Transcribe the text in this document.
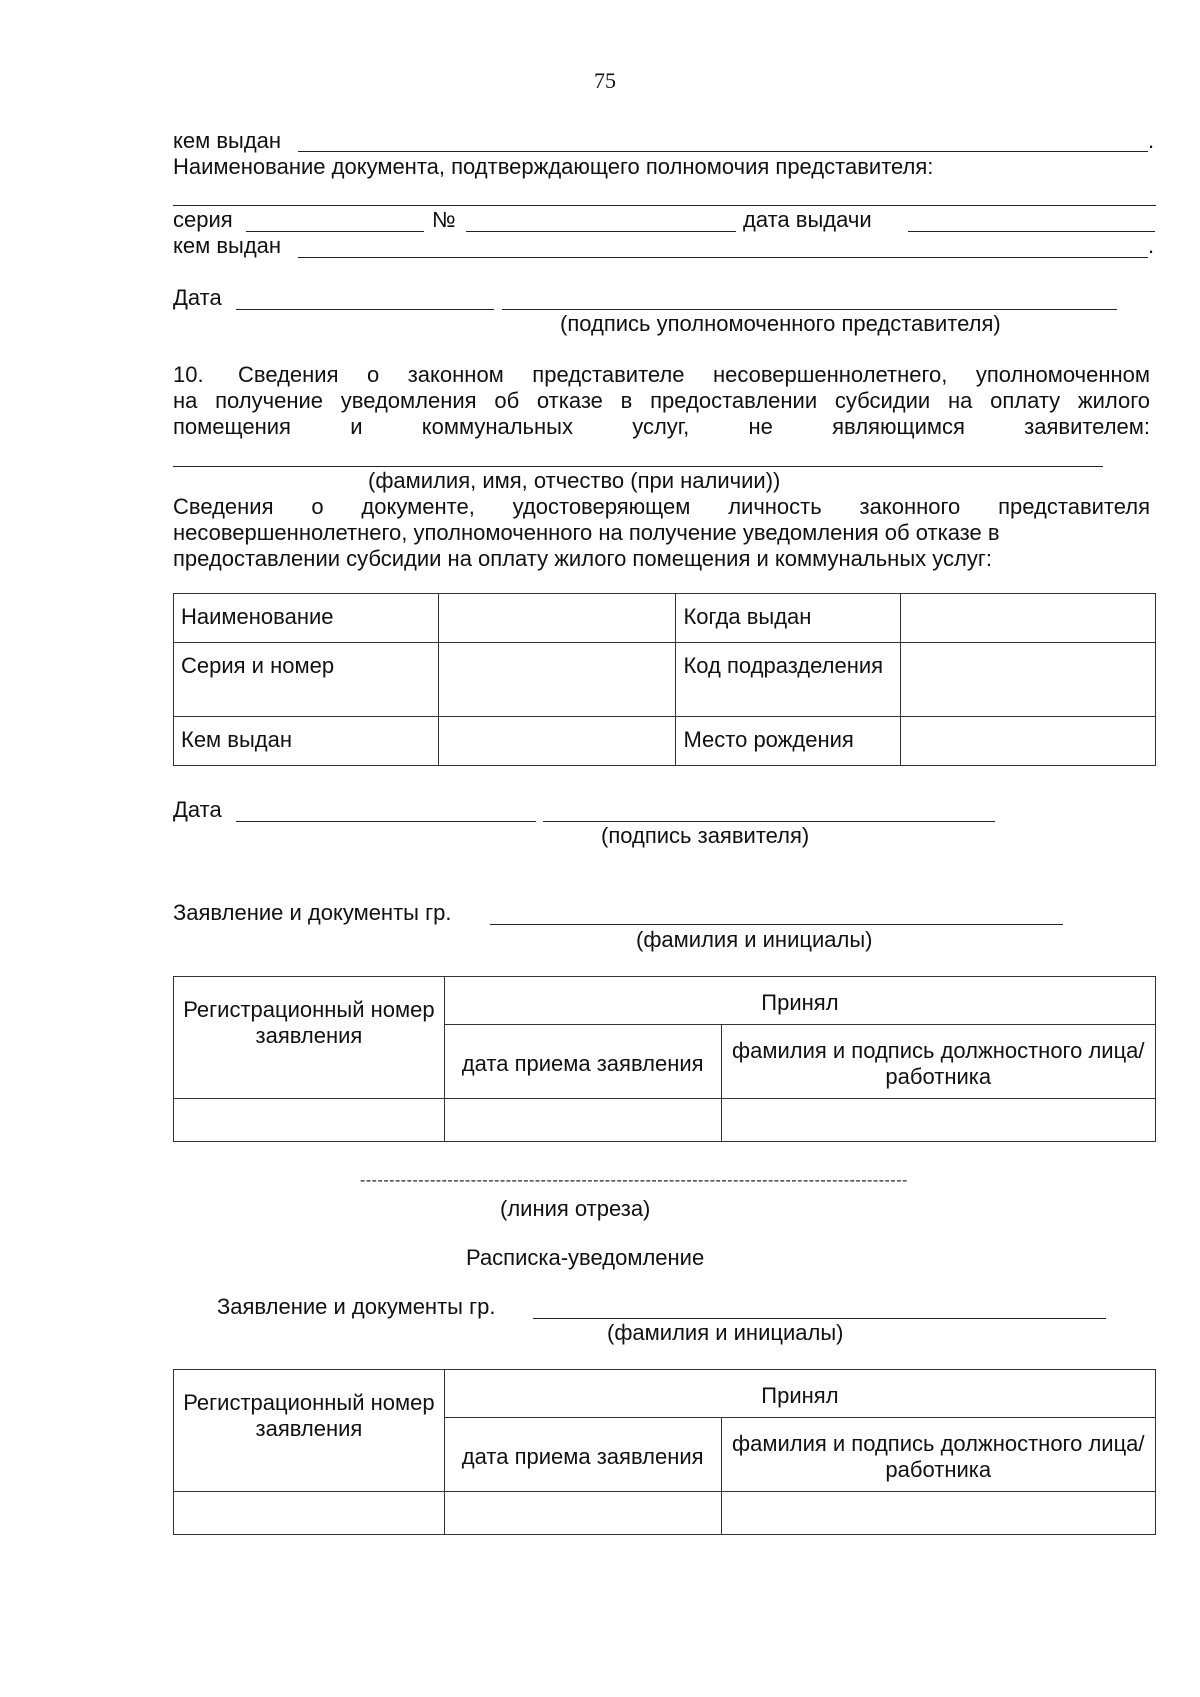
75
кем выдан	.
Наименование документа, подтверждающего полномочия представителя:
серия	№	дата выдачи
кем выдан	.
Дата
(подпись уполномоченного представителя)
10. Сведения о законном представителе несовершеннолетнего, уполномоченном
на получение уведомления об отказе в предоставлении субсидии на оплату жилого
помещения и коммунальных услуг, не являющимся заявителем:
(фамилия, имя, отчество (при наличии))
Сведения о документе, удостоверяющем личность законного представителя
несовершеннолетнего, уполномоченного на получение уведомления об отказе в
предоставлении субсидии на оплату жилого помещения и коммунальных услуг:
Наименование		Когда выдан	
Серия и номер		Код подразделения	
Кем выдан		Место рождения	
Дата
(подпись заявителя)
Заявление и документы гр.
(фамилия и инициалы)
Регистрационный номер заявления	Принял	
	дата приема заявления	фамилия и подпись должностного лица/работника

----------------------------------------------------------------------------------------------
(линия отреза)
Расписка-уведомление
Заявление и документы гр.
(фамилия и инициалы)
Регистрационный номер заявления	Принял	
	дата приема заявления	фамилия и подпись должностного лица/работника
